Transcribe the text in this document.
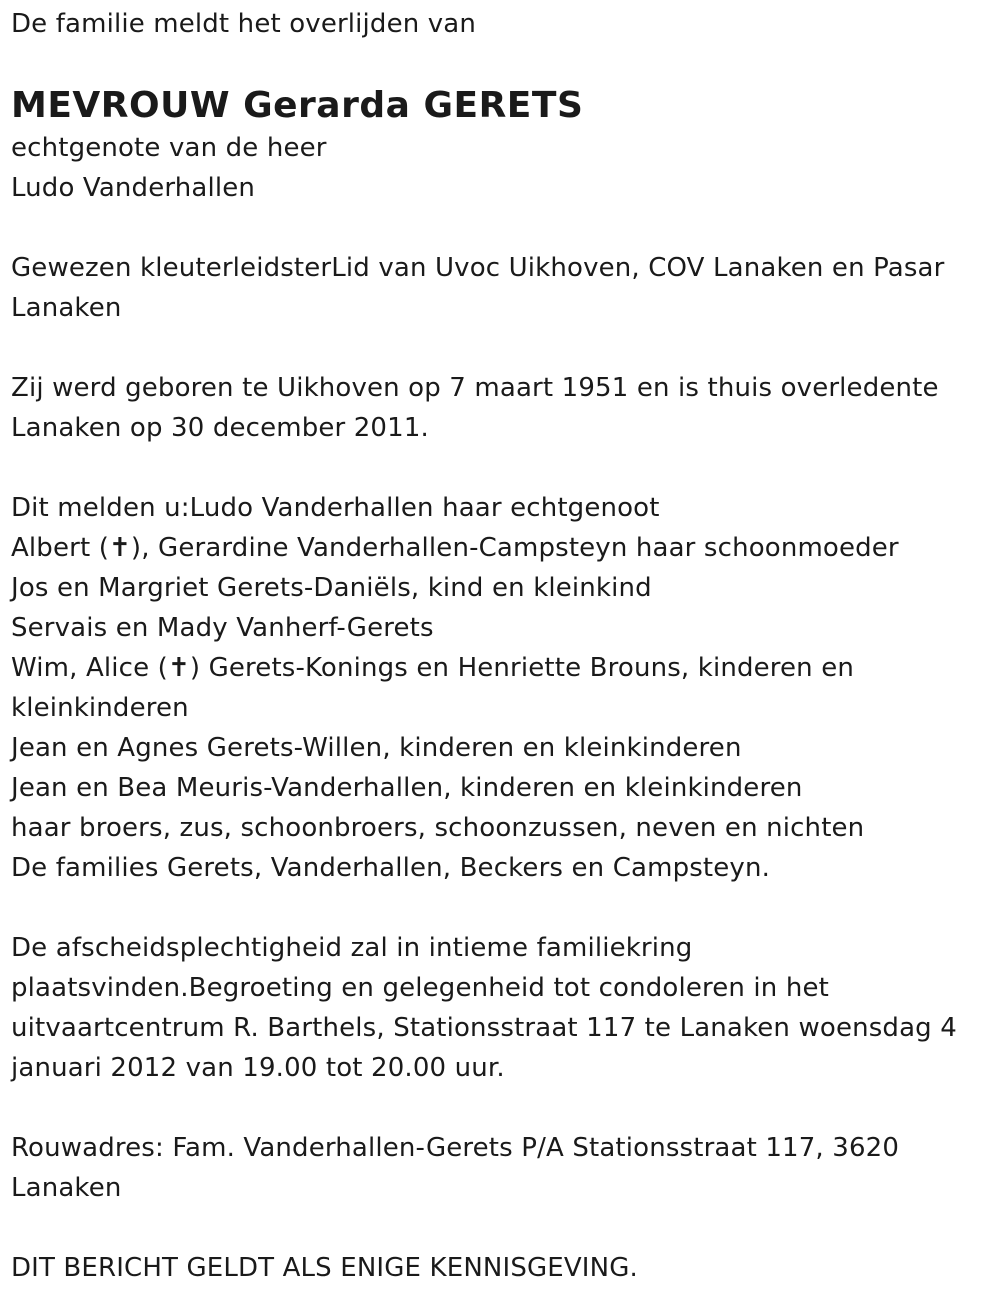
De familie meldt het overlijden van
MEVROUW Gerarda GERETS
echtgenote van de heer
Ludo Vanderhallen
Gewezen kleuterleidsterLid van Uvoc Uikhoven, COV Lanaken en Pasar
Lanaken
Zij werd geboren te Uikhoven op 7 maart 1951 en is thuis overledente
Lanaken op 30 december 2011.
Dit melden u:Ludo Vanderhallen haar echtgenoot
Albert (✝), Gerardine Vanderhallen-Campsteyn haar schoonmoeder
Jos en Margriet Gerets-Daniëls, kind en kleinkind
Servais en Mady Vanherf-Gerets
Wim, Alice (✝) Gerets-Konings en Henriette Brouns, kinderen en
kleinkinderen
Jean en Agnes Gerets-Willen, kinderen en kleinkinderen
Jean en Bea Meuris-Vanderhallen, kinderen en kleinkinderen
haar broers, zus, schoonbroers, schoonzussen, neven en nichten
De families Gerets, Vanderhallen, Beckers en Campsteyn.
De afscheidsplechtigheid zal in intieme familiekring
plaatsvinden.Begroeting en gelegenheid tot condoleren in het
uitvaartcentrum R. Barthels, Stationsstraat 117 te Lanaken woensdag 4
januari 2012 van 19.00 tot 20.00 uur.
Rouwadres: Fam. Vanderhallen-Gerets P/A Stationsstraat 117, 3620
Lanaken
DIT BERICHT GELDT ALS ENIGE KENNISGEVING.
